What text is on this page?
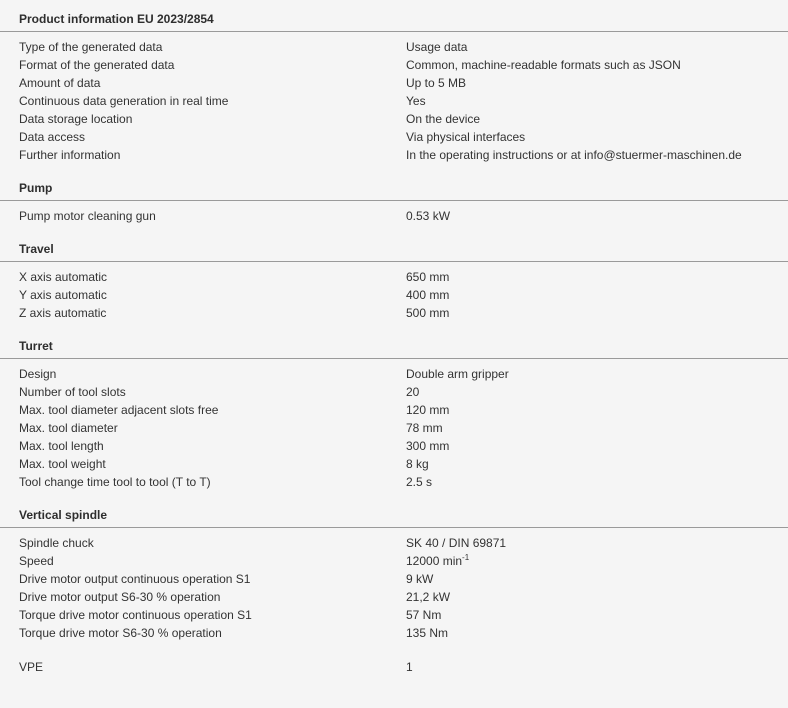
Product information EU 2023/2854
Type of the generated data	Usage data
Format of the generated data	Common, machine-readable formats such as JSON
Amount of data	Up to 5 MB
Continuous data generation in real time	Yes
Data storage location	On the device
Data access	Via physical interfaces
Further information	In the operating instructions or at info@stuermer-maschinen.de
Pump
Pump motor cleaning gun	0.53 kW
Travel
X axis automatic	650 mm
Y axis automatic	400 mm
Z axis automatic	500 mm
Turret
Design	Double arm gripper
Number of tool slots	20
Max. tool diameter adjacent slots free	120 mm
Max. tool diameter	78 mm
Max. tool length	300 mm
Max. tool weight	8 kg
Tool change time tool to tool (T to T)	2.5 s
Vertical spindle
Spindle chuck	SK 40 / DIN 69871
Speed	12000 $\min^{-1}$
Drive motor output continuous operation S1	9 kW
Drive motor output S6-30 % operation	21,2 kW
Torque drive motor continuous operation S1	57 Nm
Torque drive motor S6-30 % operation	135 Nm
VPE	1
